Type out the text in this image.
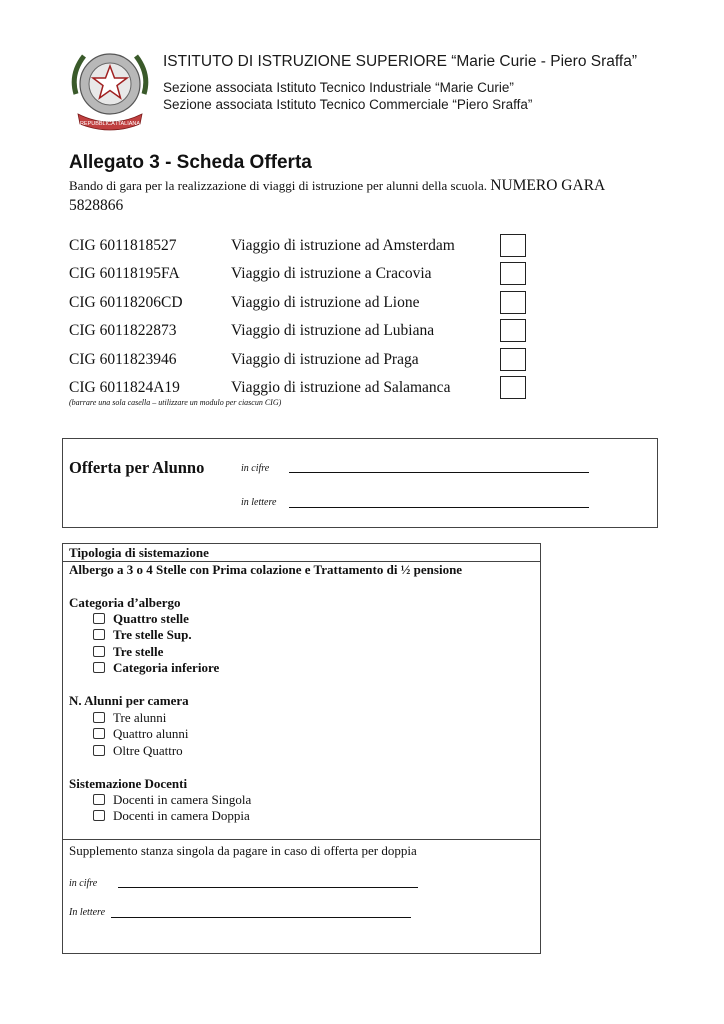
REPUBBLICA ITALIANA
ISTITUTO DI ISTRUZIONE SUPERIORE “Marie Curie - Piero Sraffa”
Sezione associata Istituto Tecnico Industriale “Marie Curie”
Sezione associata Istituto Tecnico Commerciale “Piero Sraffa”
Allegato 3 - Scheda Offerta
Bando di gara per la realizzazione di viaggi di istruzione per alunni della scuola. NUMERO GARA
5828866
CIG 6011818527	Viaggio di istruzione ad Amsterdam
CIG 60118195FA	Viaggio di istruzione a Cracovia
CIG 60118206CD	Viaggio di istruzione ad Lione
CIG 6011822873	Viaggio di istruzione ad Lubiana
CIG 6011823946	Viaggio di istruzione ad Praga
CIG 6011824A19	Viaggio di istruzione ad Salamanca
(barrare una sola casella – utilizzare un modulo per ciascun CIG)
Offerta per Alunno	in cifre
in lettere
Tipologia di sistemazione
Albergo a 3 o 4 Stelle con Prima colazione e Trattamento di ½ pensione
Categoria d’albergo
Quattro stelle
Tre stelle Sup.
Tre stelle
Categoria inferiore
N. Alunni per camera
Tre alunni
Quattro alunni
Oltre Quattro
Sistemazione Docenti
Docenti in camera Singola
Docenti in camera Doppia
Supplemento stanza singola da pagare in caso di offerta per doppia
in cifre
In lettere
